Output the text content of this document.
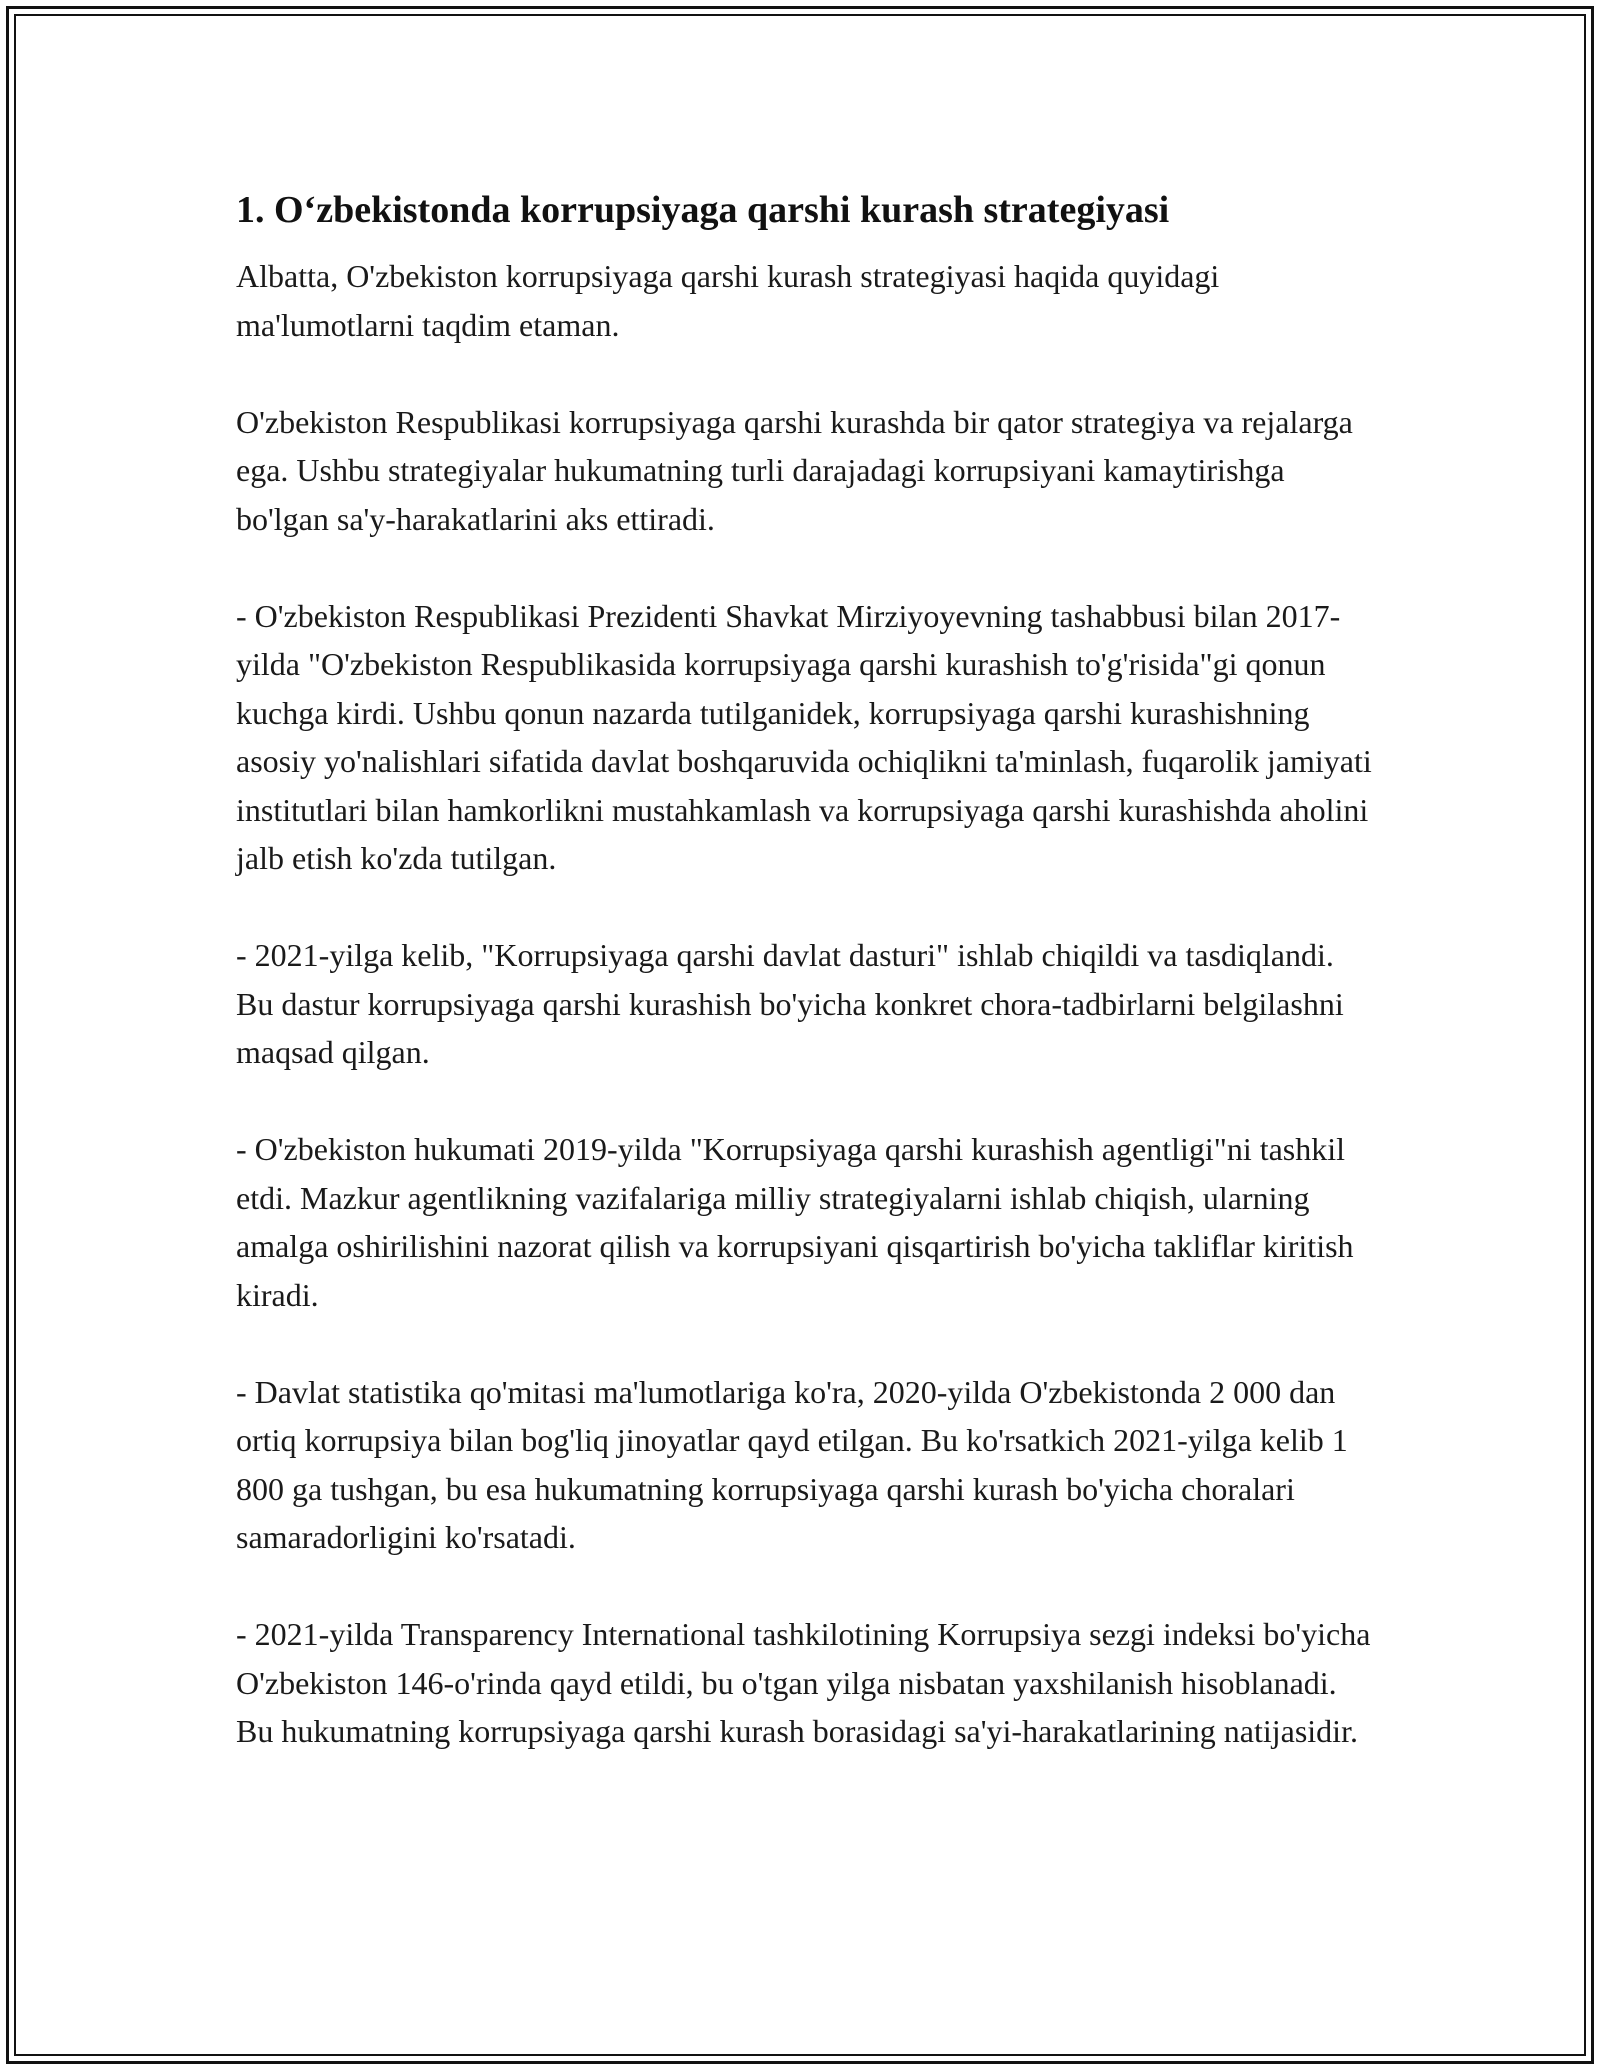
1. O‘zbekistonda korrupsiyaga qarshi kurash strategiyasi

Albatta, O'zbekiston korrupsiyaga qarshi kurash strategiyasi haqida quyidagi ma'lumotlarni taqdim etaman.

O'zbekiston Respublikasi korrupsiyaga qarshi kurashda bir qator strategiya va rejalarga ega. Ushbu strategiyalar hukumatning turli darajadagi korrupsiyani kamaytirishga bo'lgan sa'y-harakatlarini aks ettiradi.

- O'zbekiston Respublikasi Prezidenti Shavkat Mirziyoyevning tashabbusi bilan 2017-yilda "O'zbekiston Respublikasida korrupsiyaga qarshi kurashish to'g'risida"gi qonun kuchga kirdi. Ushbu qonun nazarda tutilganidek, korrupsiyaga qarshi kurashishning asosiy yo'nalishlari sifatida davlat boshqaruvida ochiqlikni ta'minlash, fuqarolik jamiyati institutlari bilan hamkorlikni mustahkamlash va korrupsiyaga qarshi kurashishda aholini jalb etish ko'zda tutilgan.

- 2021-yilga kelib, "Korrupsiyaga qarshi davlat dasturi" ishlab chiqildi va tasdiqlandi. Bu dastur korrupsiyaga qarshi kurashish bo'yicha konkret chora-tadbirlarni belgilashni maqsad qilgan.

- O'zbekiston hukumati 2019-yilda "Korrupsiyaga qarshi kurashish agentligi"ni tashkil etdi. Mazkur agentlikning vazifalariga milliy strategiyalarni ishlab chiqish, ularning amalga oshirilishini nazorat qilish va korrupsiyani qisqartirish bo'yicha takliflar kiritish kiradi.

- Davlat statistika qo'mitasi ma'lumotlariga ko'ra, 2020-yilda O'zbekistonda 2 000 dan ortiq korrupsiya bilan bog'liq jinoyatlar qayd etilgan. Bu ko'rsatkich 2021-yilga kelib 1 800 ga tushgan, bu esa hukumatning korrupsiyaga qarshi kurash bo'yicha choralari samaradorligini ko'rsatadi.

- 2021-yilda Transparency International tashkilotining Korrupsiya sezgi indeksi bo'yicha O'zbekiston 146-o'rinda qayd etildi, bu o'tgan yilga nisbatan yaxshilanish hisoblanadi. Bu hukumatning korrupsiyaga qarshi kurash borasidagi sa'yi-harakatlarining natijasidir.
